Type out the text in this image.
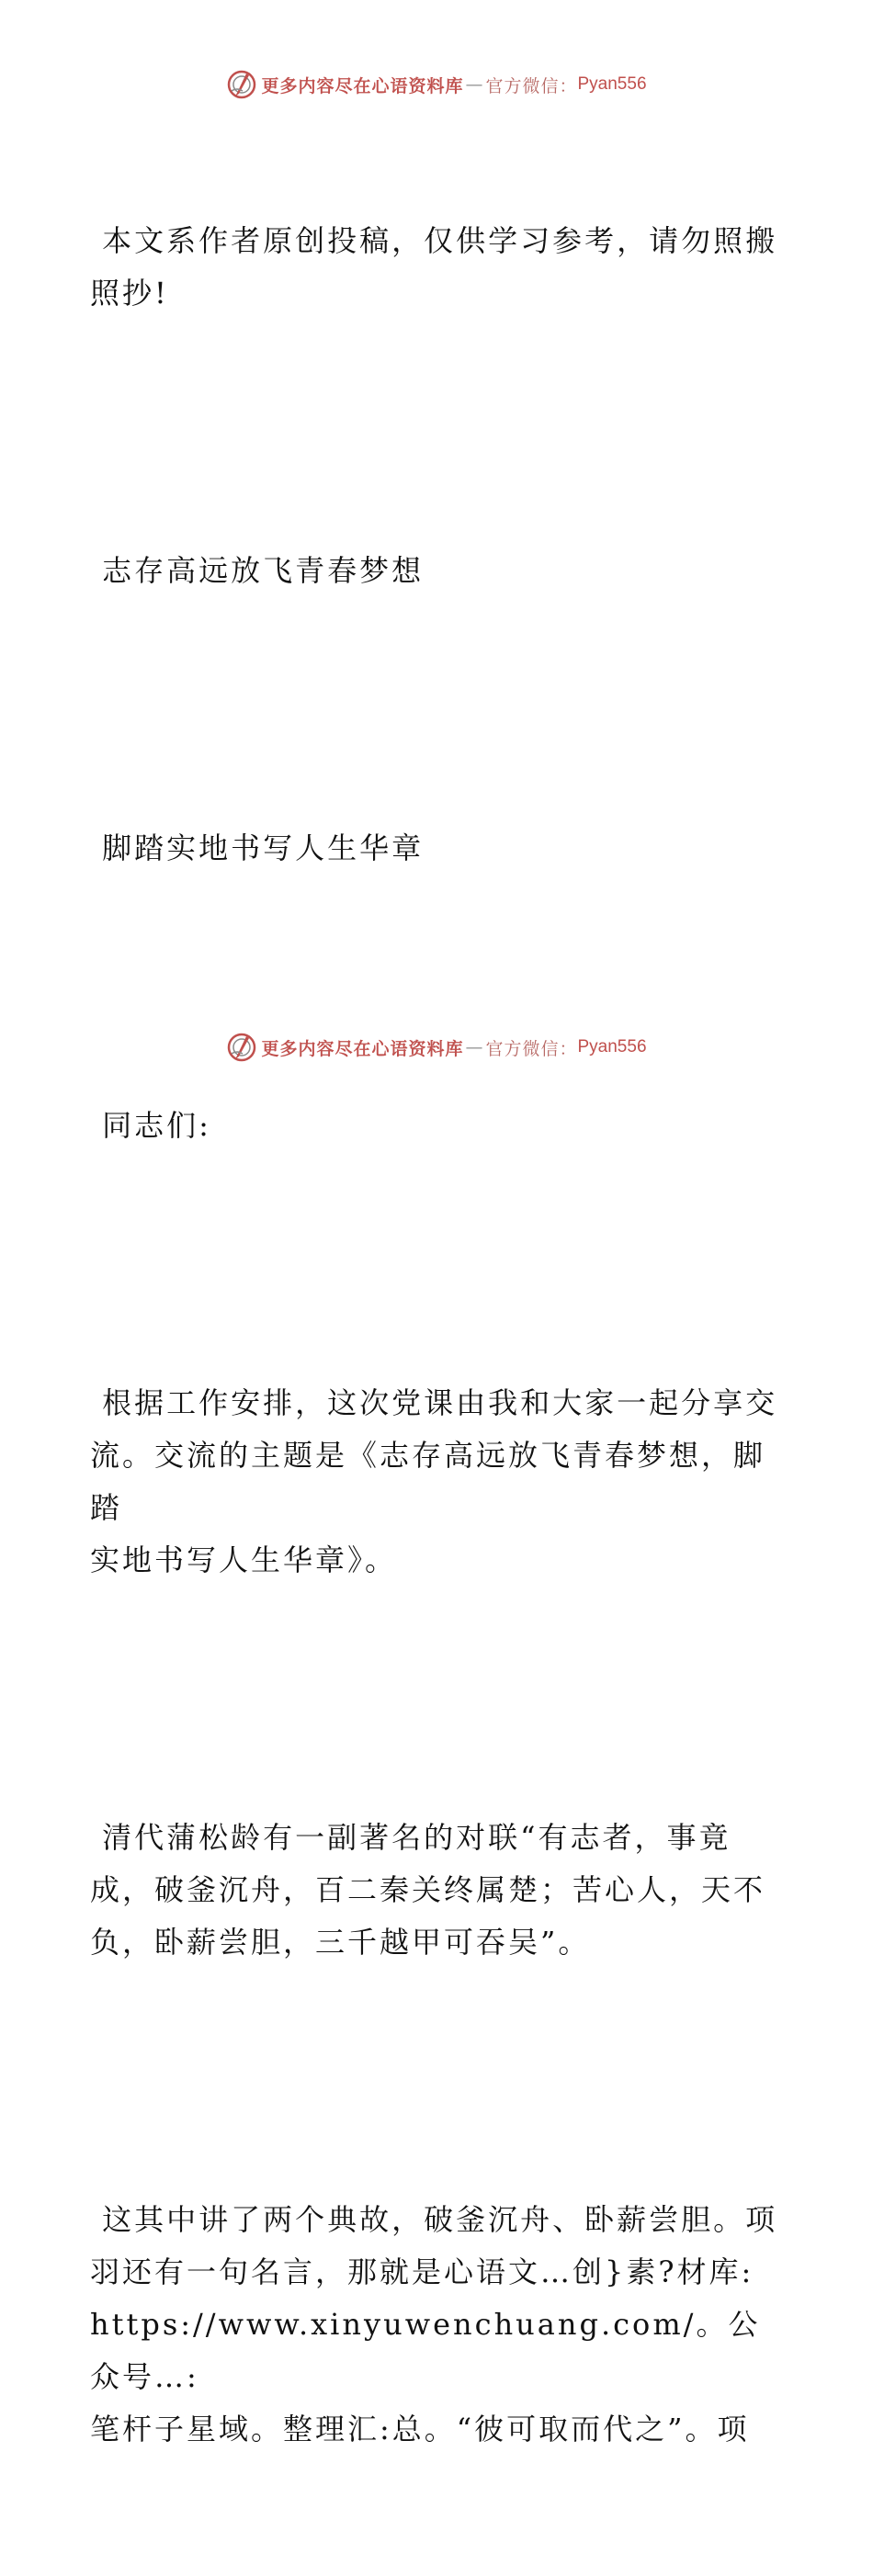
更多内容尽在心语资料库 — 官方微信： Pyan556

本文系作者原创投稿，仅供学习参考，请勿照搬
照抄!

志存高远放飞青春梦想

脚踏实地书写人生华章

同志们:

根据工作安排，这次党课由我和大家一起分享交
流。交流的主题是《志存高远放飞青春梦想，脚踏
实地书写人生华章》。

清代蒲松龄有一副著名的对联“有志者，事竟
成，破釜沉舟，百二秦关终属楚；苦心人，天不
负，卧薪尝胆，三千越甲可吞吴”。

这其中讲了两个典故，破釜沉舟、卧薪尝胆。项
羽还有一句名言，那就是心语文…创}素?材库:
https://www.xinyuwenchuang.com/。公众号…:
笔杆子星域。整理汇:总。“彼可取而代之”。项

更多内容尽在心语资料库 — 官方微信： Pyan556
